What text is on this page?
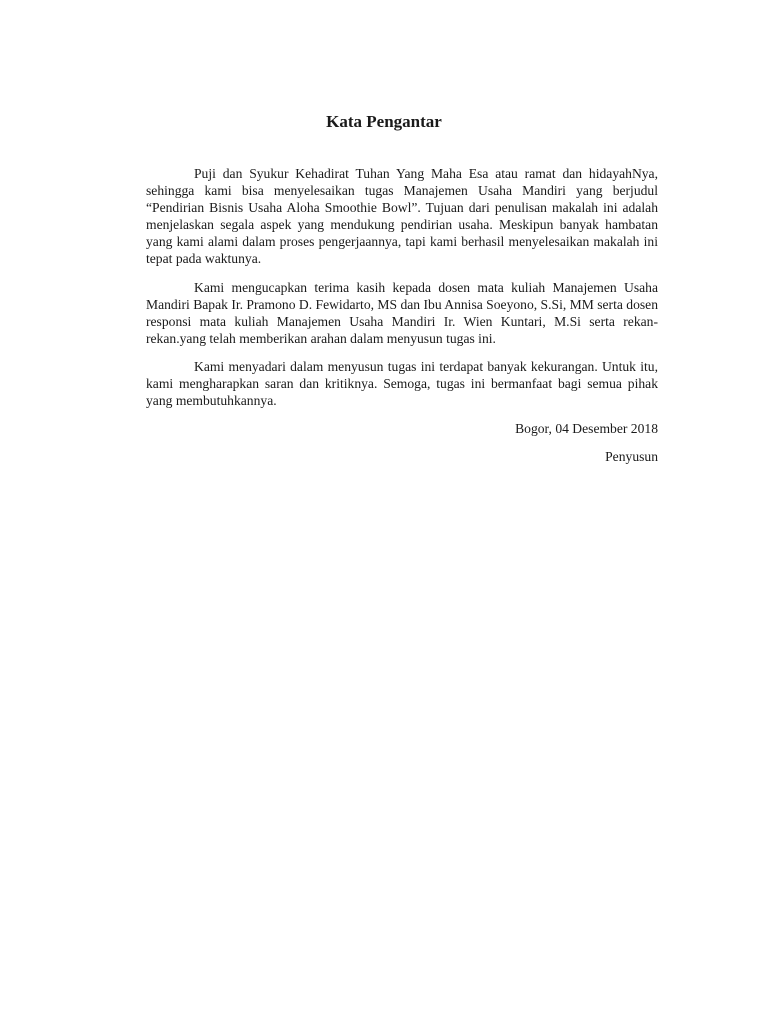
Kata Pengantar

Puji dan Syukur Kehadirat Tuhan Yang Maha Esa atau ramat dan hidayahNya, sehingga kami bisa menyelesaikan tugas Manajemen Usaha Mandiri yang berjudul “Pendirian Bisnis Usaha Aloha Smoothie Bowl”. Tujuan dari penulisan makalah ini adalah menjelaskan segala aspek yang mendukung pendirian usaha. Meskipun banyak hambatan yang kami alami dalam proses pengerjaannya, tapi kami berhasil menyelesaikan makalah ini tepat pada waktunya.

Kami mengucapkan terima kasih kepada dosen mata kuliah Manajemen Usaha Mandiri Bapak Ir. Pramono D. Fewidarto, MS dan Ibu Annisa Soeyono, S.Si, MM serta dosen responsi mata kuliah Manajemen Usaha Mandiri Ir. Wien Kuntari, M.Si serta rekan-rekan.yang telah memberikan arahan dalam menyusun tugas ini.

Kami menyadari dalam menyusun tugas ini terdapat banyak kekurangan. Untuk itu, kami mengharapkan saran dan kritiknya. Semoga, tugas ini bermanfaat bagi semua pihak yang membutuhkannya.

Bogor, 04 Desember 2018

Penyusun
